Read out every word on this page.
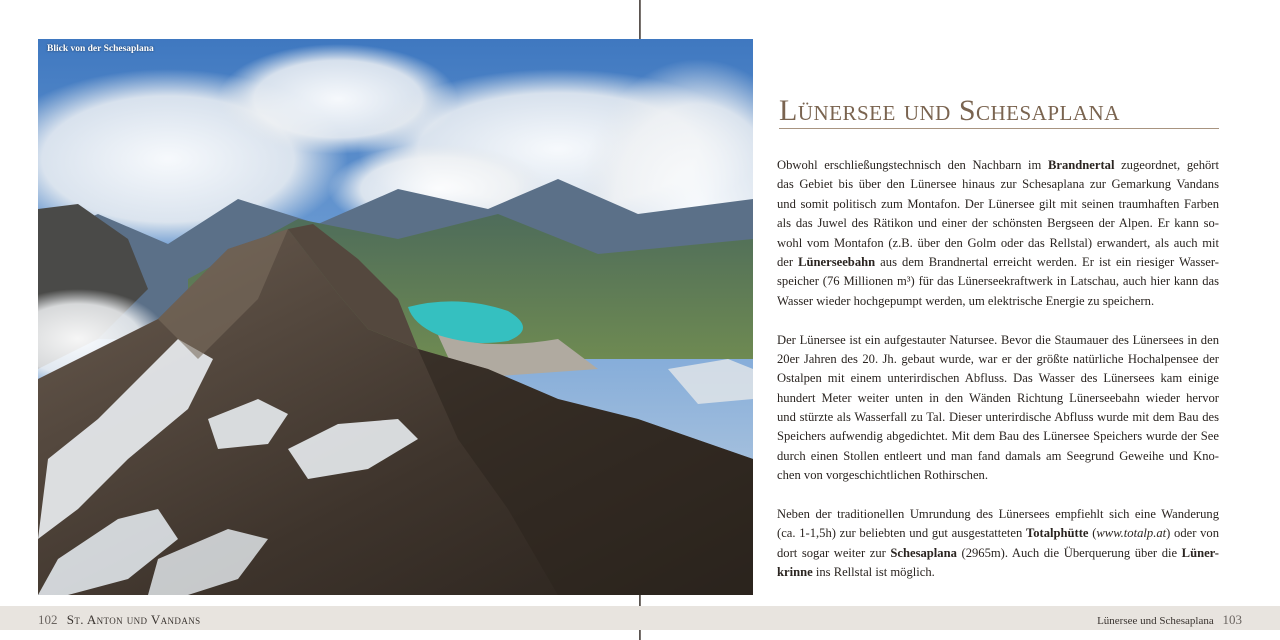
Blick von der Schesaplana
Lünersee und Schesaplana
Obwohl erschließungstechnisch den Nachbarn im Brandnertal zugeordnet, gehört
das Gebiet bis über den Lünersee hinaus zur Schesaplana zur Gemarkung Vandans
und somit politisch zum Montafon. Der Lünersee gilt mit seinen traumhaften Farben
als das Juwel des Rätikon und einer der schönsten Bergseen der Alpen. Er kann so-
wohl vom Montafon (z.B. über den Golm oder das Rellstal) erwandert, als auch mit
der Lünerseebahn aus dem Brandnertal erreicht werden. Er ist ein riesiger Wasser-
speicher (76 Millionen m³) für das Lünerseekraftwerk in Latschau, auch hier kann das
Wasser wieder hochgepumpt werden, um elektrische Energie zu speichern.
Der Lünersee ist ein aufgestauter Natursee. Bevor die Staumauer des Lünersees in den
20er Jahren des 20. Jh. gebaut wurde, war er der größte natürliche Hochalpensee der
Ostalpen mit einem unterirdischen Abfluss. Das Wasser des Lünersees kam einige
hundert Meter weiter unten in den Wänden Richtung Lünerseebahn wieder hervor
und stürzte als Wasserfall zu Tal. Dieser unterirdische Abfluss wurde mit dem Bau des
Speichers aufwendig abgedichtet. Mit dem Bau des Lünersee Speichers wurde der See
durch einen Stollen entleert und man fand damals am Seegrund Geweihe und Kno-
chen von vorgeschichtlichen Rothirschen.
Neben der traditionellen Umrundung des Lünersees empfiehlt sich eine Wanderung
(ca. 1-1,5h) zur beliebten und gut ausgestatteten Totalphütte (www.totalp.at) oder von
dort sogar weiter zur Schesaplana (2965m). Auch die Überquerung über die Lüner-
krinne ins Rellstal ist möglich.
102 St. Anton und Vandans	Lünersee und Schesaplana 103
